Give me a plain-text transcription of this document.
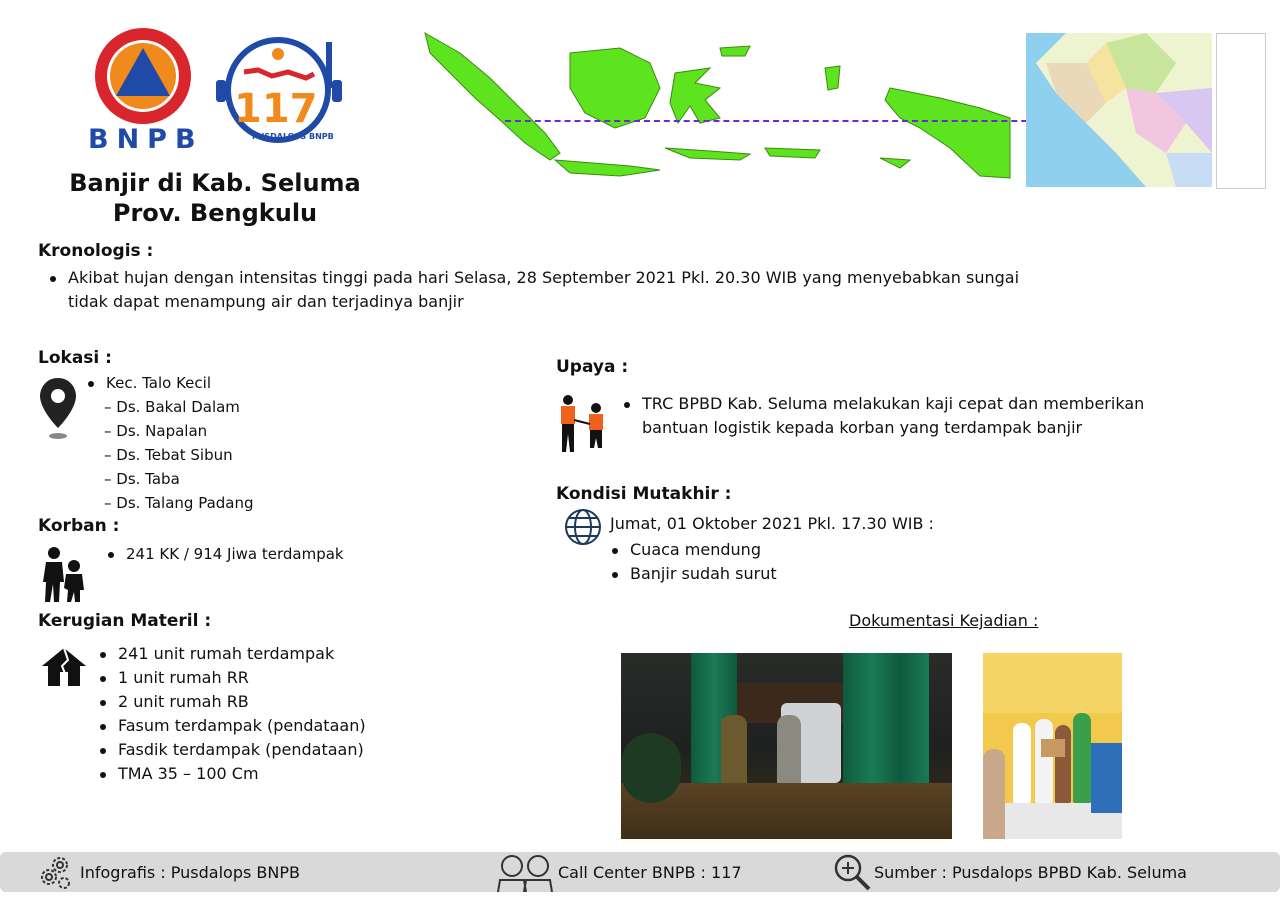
BNPB
117
PUSDALOPS BNPB
Banjir di Kab. Seluma
Prov. Bengkulu
Kronologis :
Akibat hujan dengan intensitas tinggi pada hari Selasa, 28 September 2021 Pkl. 20.30 WIB yang menyebabkan sungai
tidak dapat menampung air dan terjadinya banjir
Lokasi :
Kec. Talo Kecil
– Ds. Bakal Dalam
– Ds. Napalan
– Ds. Tebat Sibun
– Ds. Taba
– Ds. Talang Padang
Korban :
241 KK / 914 Jiwa terdampak
Kerugian Materil :
241 unit rumah terdampak
1 unit rumah RR
2 unit rumah RB
Fasum terdampak (pendataan)
Fasdik terdampak (pendataan)
TMA 35 – 100 Cm
Upaya :
TRC BPBD Kab. Seluma melakukan kaji cepat dan memberikan
bantuan logistik kepada korban yang terdampak banjir
Kondisi Mutakhir :
Jumat, 01 Oktober 2021 Pkl. 17.30 WIB :
Cuaca mendung
Banjir sudah surut
Dokumentasi Kejadian :
Infografis : Pusdalops BNPB	Call Center BNPB : 117	Sumber : Pusdalops BPBD Kab. Seluma
